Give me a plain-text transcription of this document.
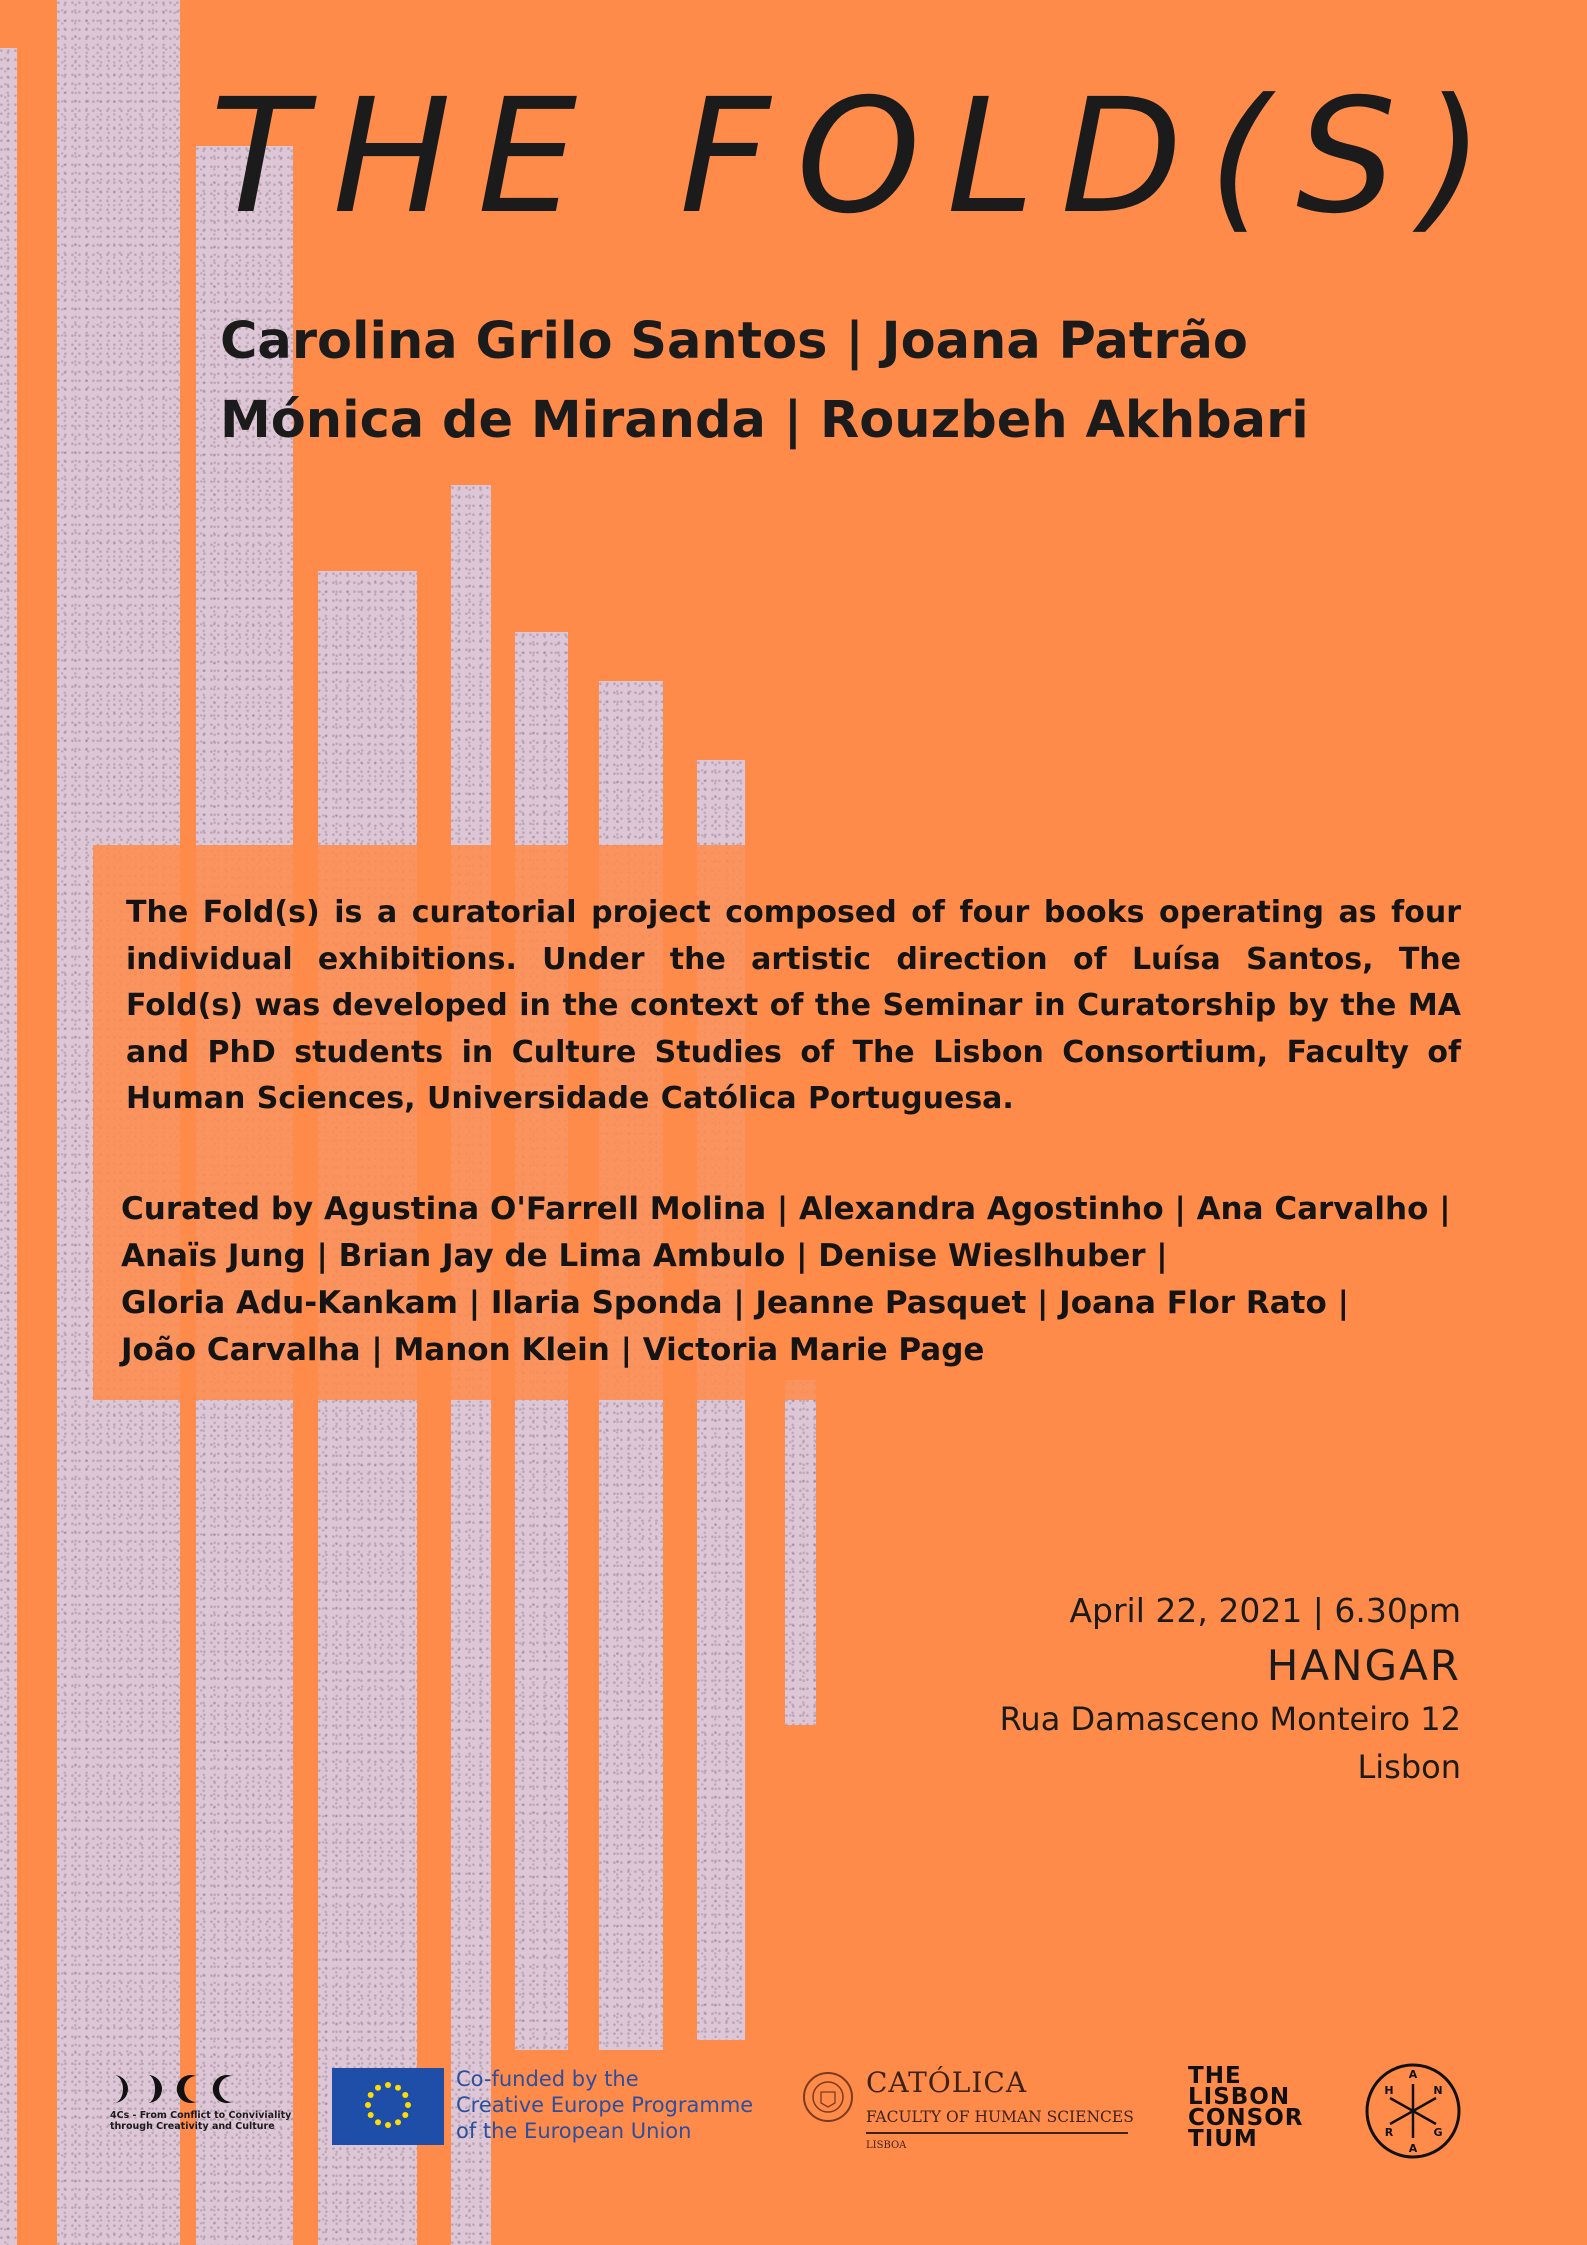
THE FOLD(S)
Carolina Grilo Santos | Joana Patrão
Mónica de Miranda | Rouzbeh Akhbari

The Fold(s) is a curatorial project composed of four books operating as four individual exhibitions. Under the artistic direction of Luísa Santos, The Fold(s) was developed in the context of the Seminar in Curatorship by the MA and PhD students in Culture Studies of The Lisbon Consortium, Faculty of Human Sciences, Universidade Católica Portuguesa.

Curated by Agustina O'Farrell Molina | Alexandra Agostinho | Ana Carvalho |
Anaïs Jung | Brian Jay de Lima Ambulo | Denise Wieslhuber |
Gloria Adu-Kankam | Ilaria Sponda | Jeanne Pasquet | Joana Flor Rato |
João Carvalha | Manon Klein | Victoria Marie Page
April 22, 2021 | 6.30pm
HANGAR
Rua Damasceno Monteiro 12
Lisbon
4Cs - From Conflict to Conviviality
through Creativity and Culture
Co-funded by the
Creative Europe Programme
of the European Union
CATÓLICA
FACULTY OF HUMAN SCIENCES
LISBOA
THE
LISBON
CONSOR
TIUM
H
A
N
G
A
R
